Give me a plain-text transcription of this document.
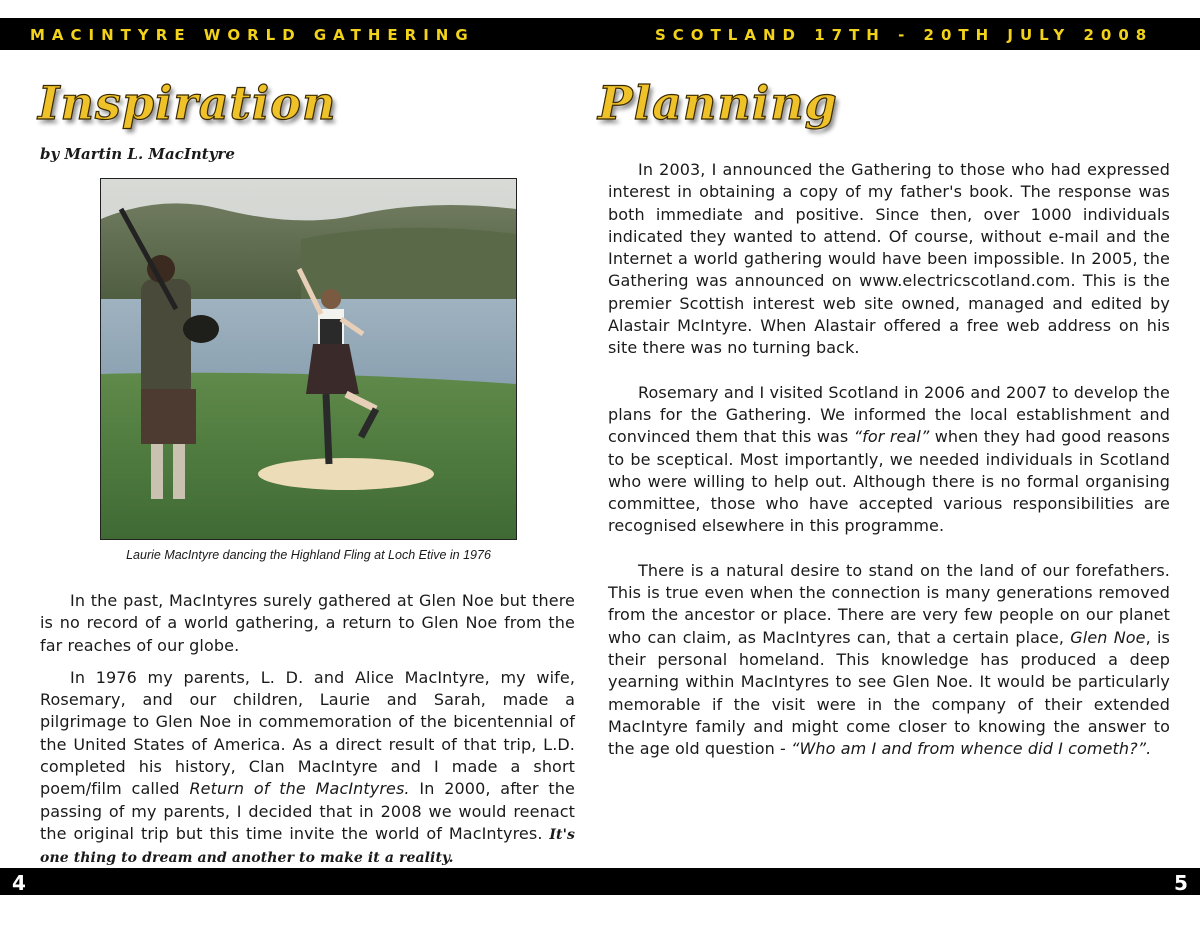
MACINTYRE WORLD GATHERING	SCOTLAND 17TH - 20TH JULY 2008
Inspiration
by Martin L. MacIntyre
Laurie MacIntyre dancing the Highland Fling at Loch Etive in 1976

In the past, MacIntyres surely gathered at Glen Noe but there is no record of a world gathering, a return to Glen Noe from the far reaches of our globe.

In 1976 my parents, L. D. and Alice MacIntyre, my wife, Rosemary, and our children, Laurie and Sarah, made a pilgrimage to Glen Noe in commemoration of the bicentennial of the United States of America. As a direct result of that trip, L.D. completed his history, Clan MacIntyre and I made a short poem/film called Return of the MacIntyres. In 2000, after the passing of my parents, I decided that in 2008 we would reenact the original trip but this time invite the world of MacIntyres. It's one thing to dream and another to make it a reality.

Planning

In 2003, I announced the Gathering to those who had expressed interest in obtaining a copy of my father's book. The response was both immediate and positive. Since then, over 1000 individuals indicated they wanted to attend. Of course, without e-mail and the Internet a world gathering would have been impossible. In 2005, the Gathering was announced on www.electricscotland.com. This is the premier Scottish interest web site owned, managed and edited by Alastair McIntyre. When Alastair offered a free web address on his site there was no turning back.

Rosemary and I visited Scotland in 2006 and 2007 to develop the plans for the Gathering. We informed the local establishment and convinced them that this was “for real” when they had good reasons to be sceptical. Most importantly, we needed individuals in Scotland who were willing to help out. Although there is no formal organising committee, those who have accepted various responsibilities are recognised elsewhere in this programme.

There is a natural desire to stand on the land of our forefathers. This is true even when the connection is many generations removed from the ancestor or place. There are very few people on our planet who can claim, as MacIntyres can, that a certain place, Glen Noe, is their personal homeland. This knowledge has produced a deep yearning within MacIntyres to see Glen Noe. It would be particularly memorable if the visit were in the company of their extended MacIntyre family and might come closer to knowing the answer to the age old question - “Who am I and from whence did I cometh?”.

4	5
